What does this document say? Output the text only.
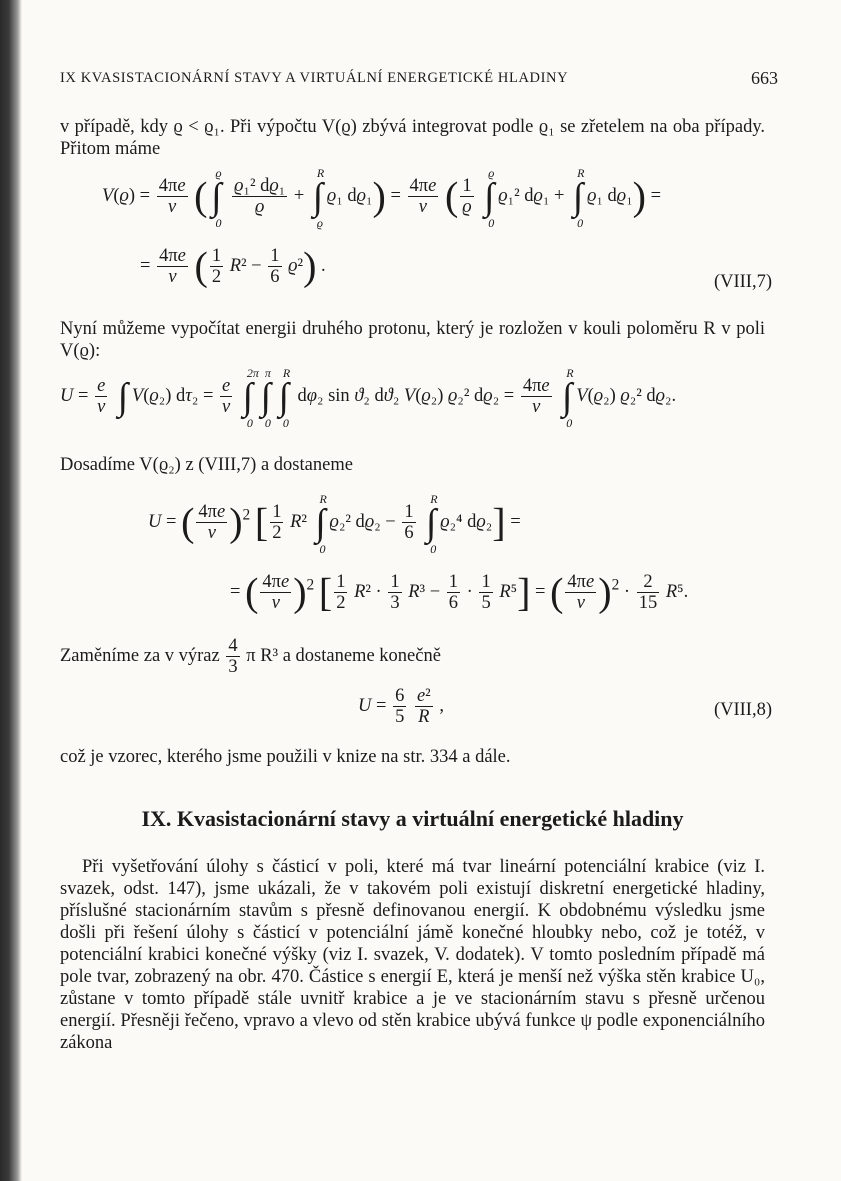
IX KVASISTACIONÁRNÍ STAVY A VIRTUÁLNÍ ENERGETICKÉ HLADINY	663
v případě, kdy ϱ < ϱ₁. Při výpočtu V(ϱ) zbývá integrovat podle ϱ₁ se zřetelem na oba případy. Přitom máme
$V(ϱ) = \frac{4\pi e}{v}$ (∫
ϱ
0

$\frac{\text{ϱ₁² dϱ₁}}{ϱ}$ + ∫
R
ϱ
ϱ₁ $dϱ_1) = \frac{4\pi e}{v}$ ( $\frac{1}{ϱ}$ ∫
ϱ
0
ϱ₁² dϱ₁ + ∫
R
0
ϱ₁ dϱ₁) =
= $\frac{4\pi e}{v}$ ( $\frac{1}{2} R^2 - \frac{1}{6} ϱ^2$) .
(VIII,7)
Nyní můžeme vypočítat energii druhého protonu, který je rozložen v kouli poloměru R v poli V(ϱ):
$U = \frac{e}{v}$ ∫ V(ϱ₂) $d\tau_2 = \frac{e}{v}$ ∫
2π
0
∫
π
0
∫
R
0
dφ₂ sin ϑ₂ dϑ₂ V(ϱ₂) ϱ₂² $dϱ_2 = \frac{4\pi e}{v}$ ∫
R
0
V(ϱ₂) ϱ₂² dϱ₂.
Dosadíme V(ϱ₂) z (VIII,7) a dostaneme
U = ( $\frac{4\pi e}{v} )^2$ [ $\frac{1}{2} R^2$ ∫
R
0
ϱ₂² $dϱ_2 - \frac{1}{6}$ ∫
R
0
ϱ₂⁴ dϱ₂] =
= ( $\frac{4\pi e}{v} )^2$ [ $\frac{1}{2} R^2 \cdot \frac{1}{3} R^3 - \frac{1}{6} \cdot \frac{1}{5} R^5$] = ( $\frac{4\pi e}{v} )^2 \cdot \frac{2}{15} R^5$.
Zaměníme za v výraz $\frac{4}{3}$ π R³ a dostaneme konečně
$U = \frac{6}{5}$
$\frac{\text{e²}}{R}$ ,	(VIII,8)
což je vzorec, kterého jsme použili v knize na str. 334 a dále.
IX. Kvasistacionární stavy a virtuální energetické hladiny
Při vyšetřování úlohy s částicí v poli, které má tvar lineární potenciální krabice (viz I. svazek, odst. 147), jsme ukázali, že v takovém poli existují diskretní energetické hladiny, příslušné stacionárním stavům s přesně definovanou energií. K obdobnému výsledku jsme došli při řešení úlohy s částicí v potenciální jámě konečné hloubky nebo, což je totéž, v potenciální krabici konečné výšky (viz I. svazek, V. dodatek). V tomto posledním případě má pole tvar, zobrazený na obr. 470. Částice s energií E, která je menší než výška stěn krabice U₀, zůstane v tomto případě stále uvnitř krabice a je ve stacionárním stavu s přesně určenou energií. Přesněji řečeno, vpravo a vlevo od stěn krabice ubývá funkce ψ podle exponenciálního zákona
